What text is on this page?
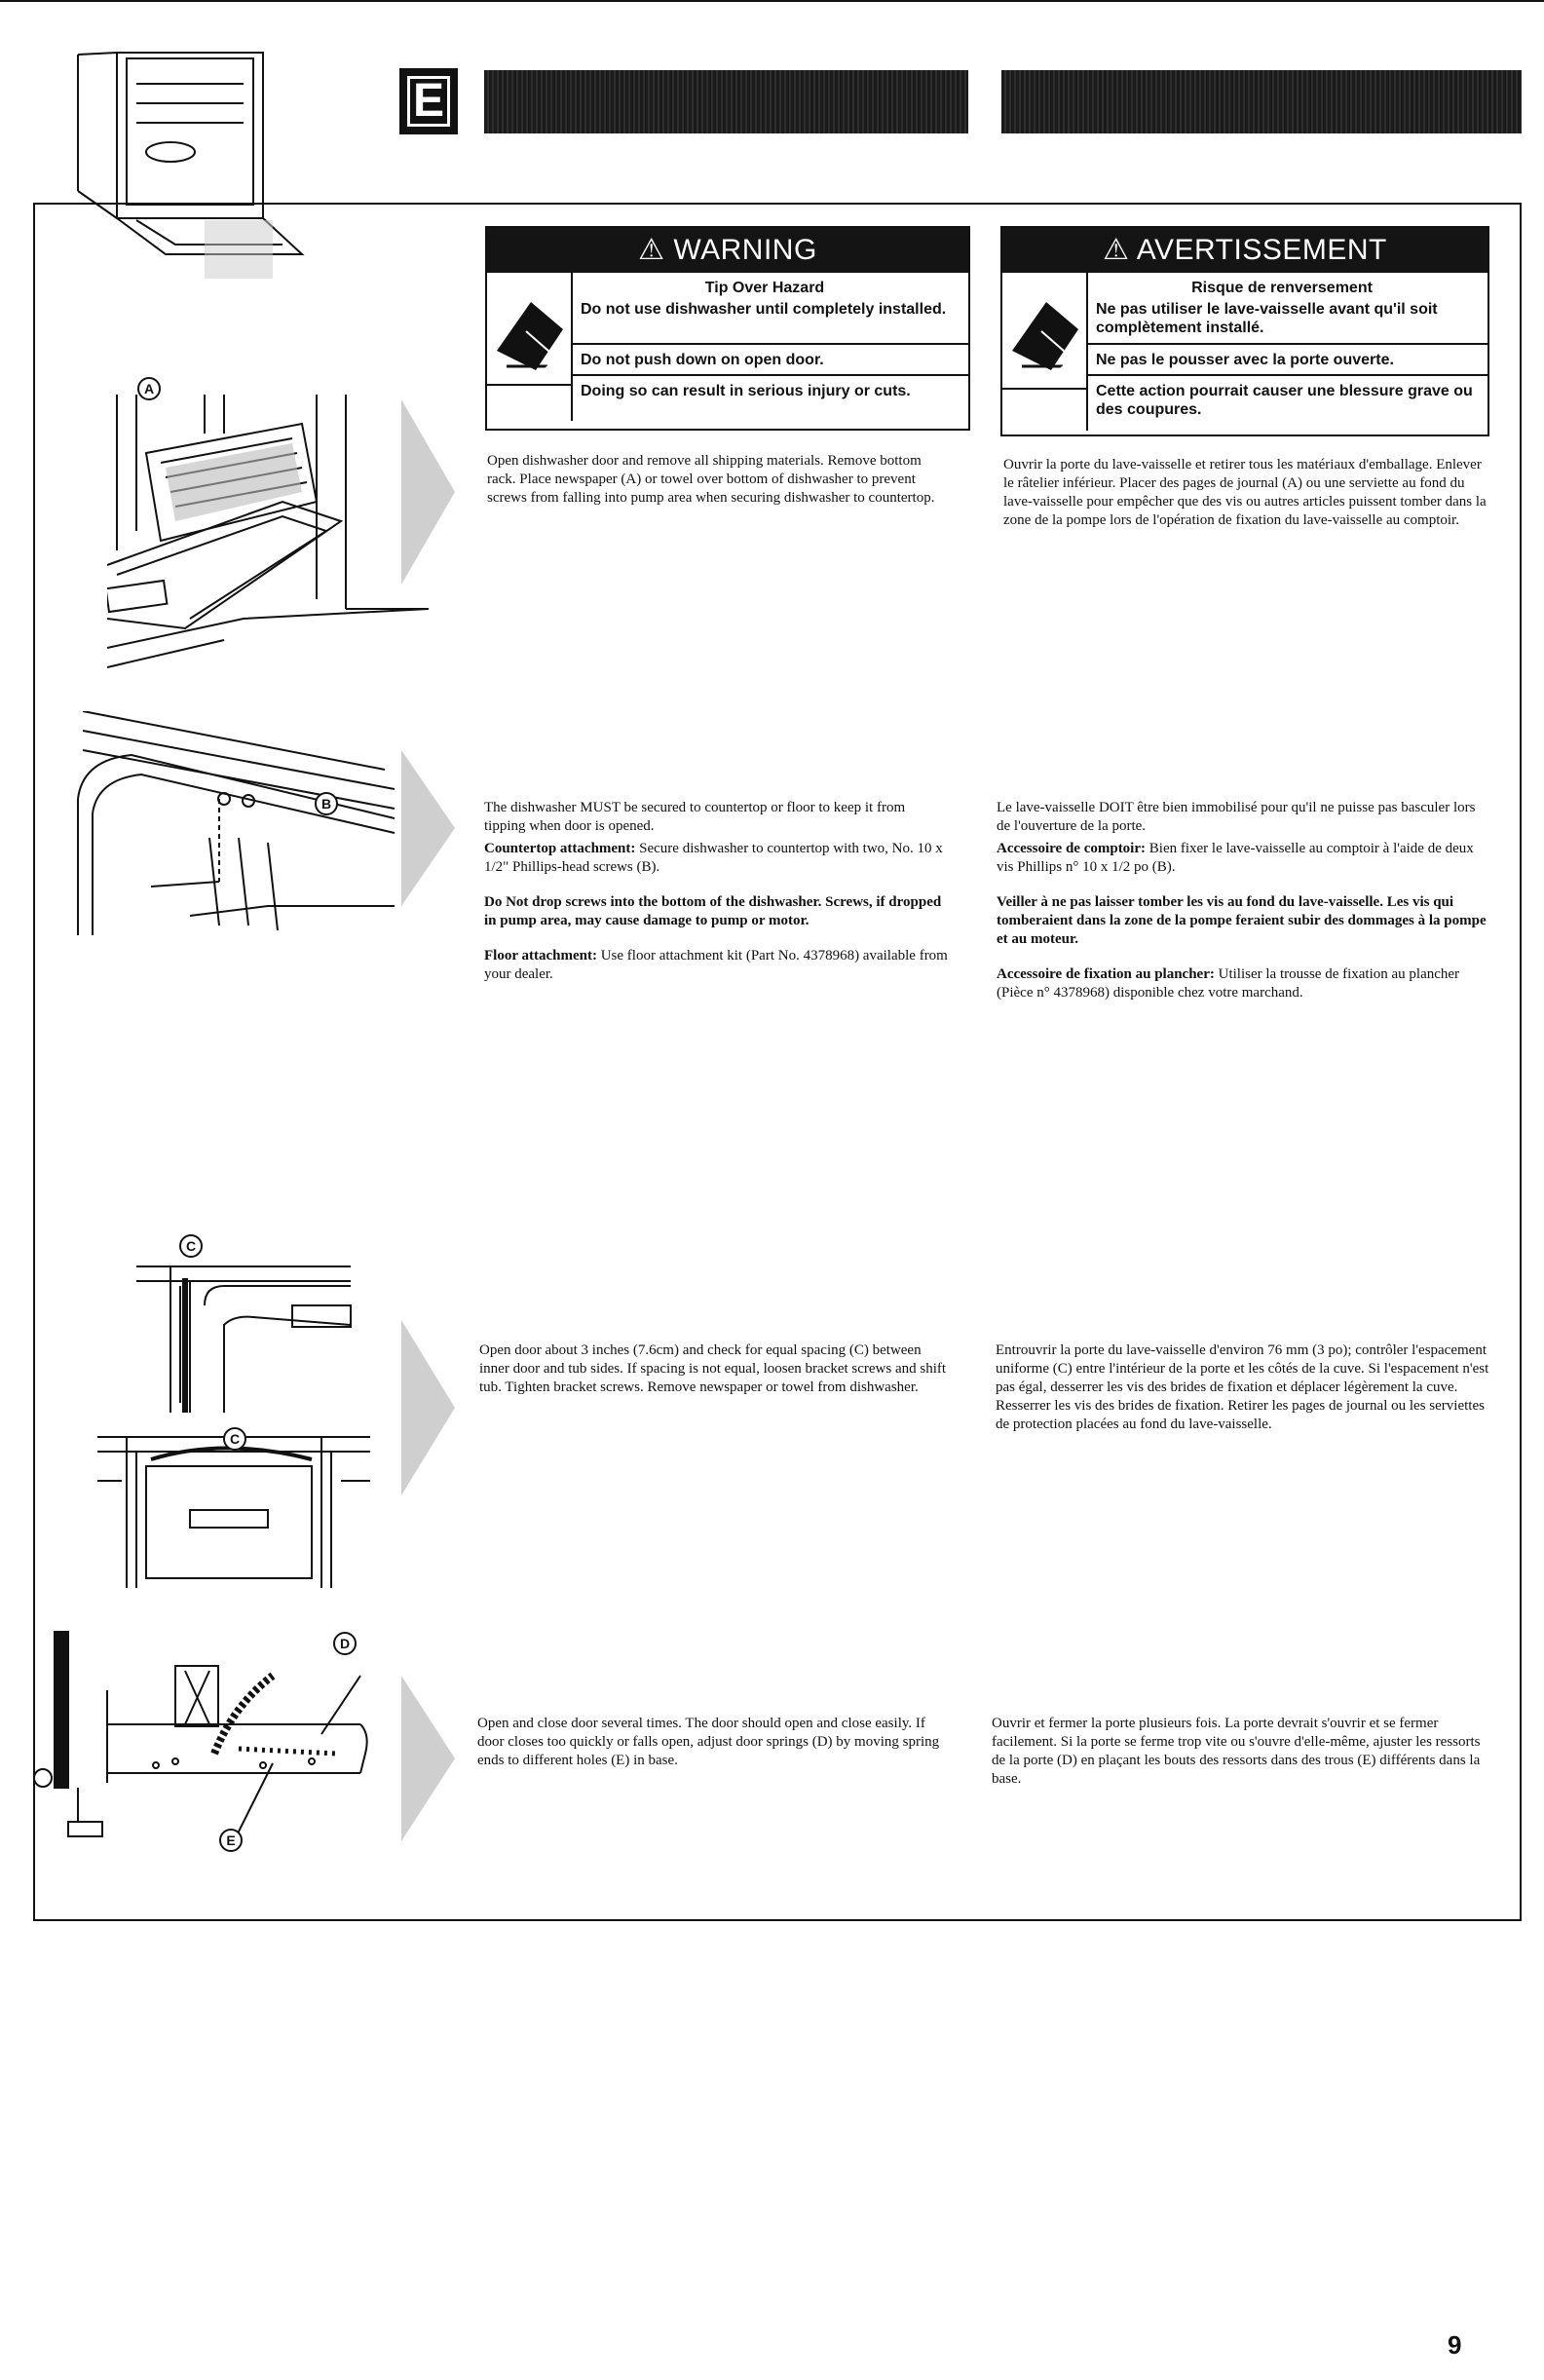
E
Attachment	Accessoires
⚠ WARNING
Tip Over Hazard
Do not use dishwasher until completely installed.
Do not push down on open door.
Doing so can result in serious injury or cuts.
⚠ AVERTISSEMENT
Risque de renversement
Ne pas utiliser le lave-vaisselle avant qu'il soit complètement installé.
Ne pas le pousser avec la porte ouverte.
Cette action pourrait causer une blessure grave ou des coupures.
A
Open dishwasher door and remove all shipping materials. Remove bottom rack. Place newspaper (A) or towel over bottom of dishwasher to prevent screws from falling into pump area when securing dishwasher to countertop.
Ouvrir la porte du lave-vaisselle et retirer tous les matériaux d'emballage. Enlever le râtelier inférieur. Placer des pages de journal (A) ou une serviette au fond du lave-vaisselle pour empêcher que des vis ou autres articles puissent tomber dans la zone de la pompe lors de l'opération de fixation du lave-vaisselle au comptoir.
B	The dishwasher MUST be secured to countertop or floor to keep it from tipping when door is opened.
Countertop attachment: Secure dishwasher to countertop with two, No. 10 x 1/2" Phillips-head screws (B).
Do Not drop screws into the bottom of the dishwasher. Screws, if dropped in pump area, may cause damage to pump or motor.
Floor attachment: Use floor attachment kit (Part No. 4378968) available from your dealer.
Le lave-vaisselle DOIT être bien immobilisé pour qu'il ne puisse pas basculer lors de l'ouverture de la porte.
Accessoire de comptoir: Bien fixer le lave-vaisselle au comptoir à l'aide de deux vis Phillips n° 10 x 1/2 po (B).
Veiller à ne pas laisser tomber les vis au fond du lave-vaisselle. Les vis qui tomberaient dans la zone de la pompe feraient subir des dommages à la pompe et au moteur.
Accessoire de fixation au plancher: Utiliser la trousse de fixation au plancher (Pièce n° 4378968) disponible chez votre marchand.
C
C
Open door about 3 inches (7.6cm) and check for equal spacing (C) between inner door and tub sides. If spacing is not equal, loosen bracket screws and shift tub. Tighten bracket screws. Remove newspaper or towel from dishwasher.
Entrouvrir la porte du lave-vaisselle d'environ 76 mm (3 po); contrôler l'espacement uniforme (C) entre l'intérieur de la porte et les côtés de la cuve. Si l'espacement n'est pas égal, desserrer les vis des brides de fixation et déplacer légèrement la cuve. Resserrer les vis des brides de fixation. Retirer les pages de journal ou les serviettes de protection placées au fond du lave-vaisselle.
D
E
Open and close door several times. The door should open and close easily. If door closes too quickly or falls open, adjust door springs (D) by moving spring ends to different holes (E) in base.
Ouvrir et fermer la porte plusieurs fois. La porte devrait s'ouvrir et se fermer facilement. Si la porte se ferme trop vite ou s'ouvre d'elle-même, ajuster les ressorts de la porte (D) en plaçant les bouts des ressorts dans des trous (E) différents dans la base.
9
